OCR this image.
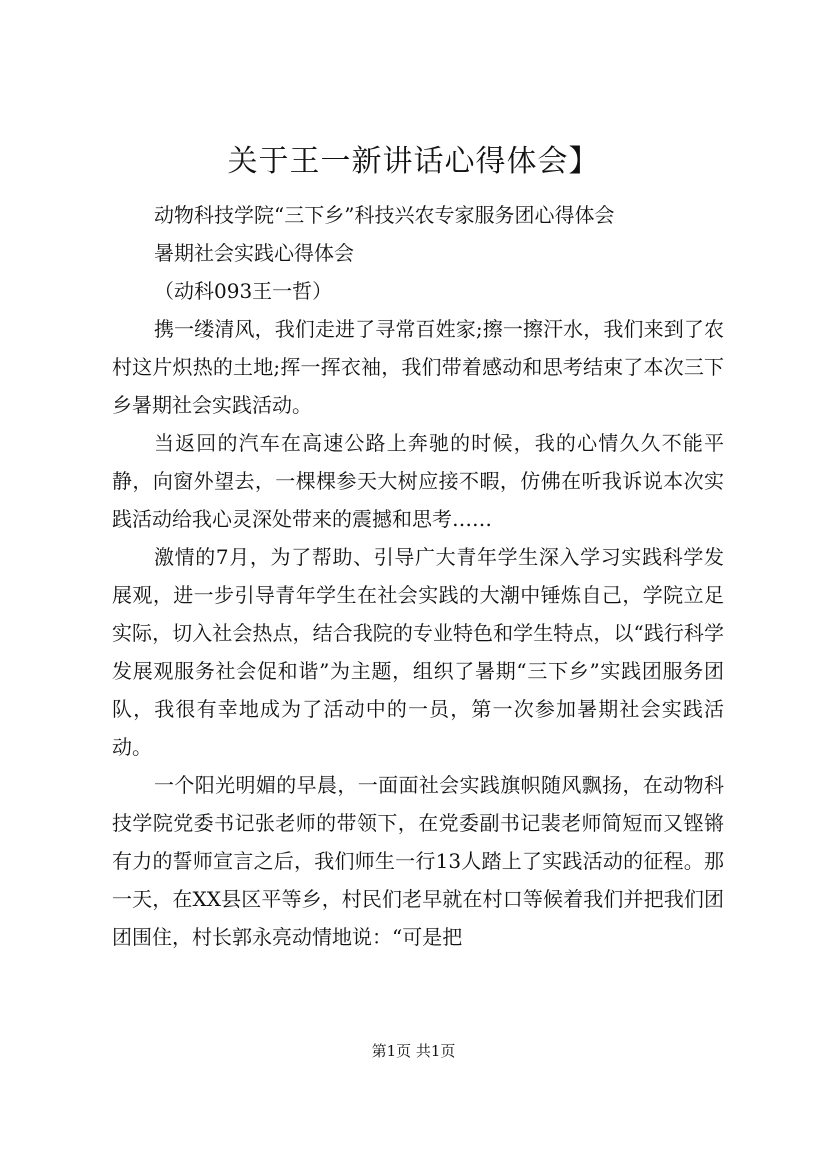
关于王一新讲话心得体会】

动物科技学院“三下乡”科技兴农专家服务团心得体会

暑期社会实践心得体会

（动科093王一哲）

携一缕清风，我们走进了寻常百姓家;擦一擦汗水，我们来到了农村这片炽热的土地;挥一挥衣袖，我们带着感动和思考结束了本次三下乡暑期社会实践活动。

当返回的汽车在高速公路上奔驰的时候，我的心情久久不能平静，向窗外望去，一棵棵参天大树应接不暇，仿佛在听我诉说本次实践活动给我心灵深处带来的震撼和思考……

激情的7月，为了帮助、引导广大青年学生深入学习实践科学发展观，进一步引导青年学生在社会实践的大潮中锤炼自己，学院立足实际，切入社会热点，结合我院的专业特色和学生特点，以“践行科学发展观服务社会促和谐”为主题，组织了暑期“三下乡”实践团服务团队，我很有幸地成为了活动中的一员，第一次参加暑期社会实践活动。

一个阳光明媚的早晨，一面面社会实践旗帜随风飘扬，在动物科技学院党委书记张老师的带领下，在党委副书记裴老师简短而又铿锵有力的誓师宣言之后，我们师生一行13人踏上了实践活动的征程。那一天，在XX县区平等乡，村民们老早就在村口等候着我们并把我们团团围住，村长郭永亮动情地说：“可是把

第1页 共1页
